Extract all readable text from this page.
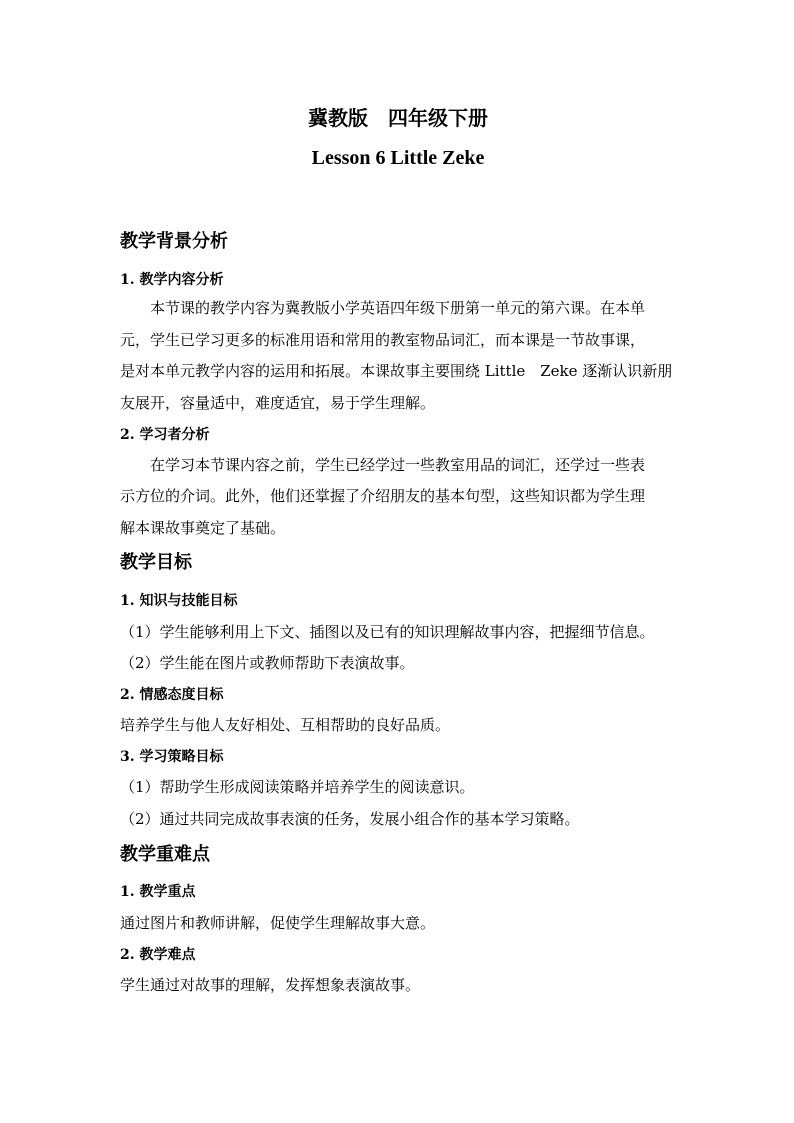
冀教版　四年级下册
Lesson 6 Little Zeke
教学背景分析
1. 教学内容分析
本节课的教学内容为冀教版小学英语四年级下册第一单元的第六课。在本单
元，学生已学习更多的标准用语和常用的教室物品词汇，而本课是一节故事课，
是对本单元教学内容的运用和拓展。本课故事主要围绕 Little　Zeke 逐渐认识新朋
友展开，容量适中，难度适宜，易于学生理解。
2. 学习者分析
在学习本节课内容之前，学生已经学过一些教室用品的词汇，还学过一些表
示方位的介词。此外，他们还掌握了介绍朋友的基本句型，这些知识都为学生理
解本课故事奠定了基础。
教学目标
1. 知识与技能目标
（1）学生能够利用上下文、插图以及已有的知识理解故事内容，把握细节信息。
（2）学生能在图片或教师帮助下表演故事。
2. 情感态度目标
培养学生与他人友好相处、互相帮助的良好品质。
3. 学习策略目标
（1）帮助学生形成阅读策略并培养学生的阅读意识。
（2）通过共同完成故事表演的任务，发展小组合作的基本学习策略。
教学重难点
1. 教学重点
通过图片和教师讲解，促使学生理解故事大意。
2. 教学难点
学生通过对故事的理解，发挥想象表演故事。
